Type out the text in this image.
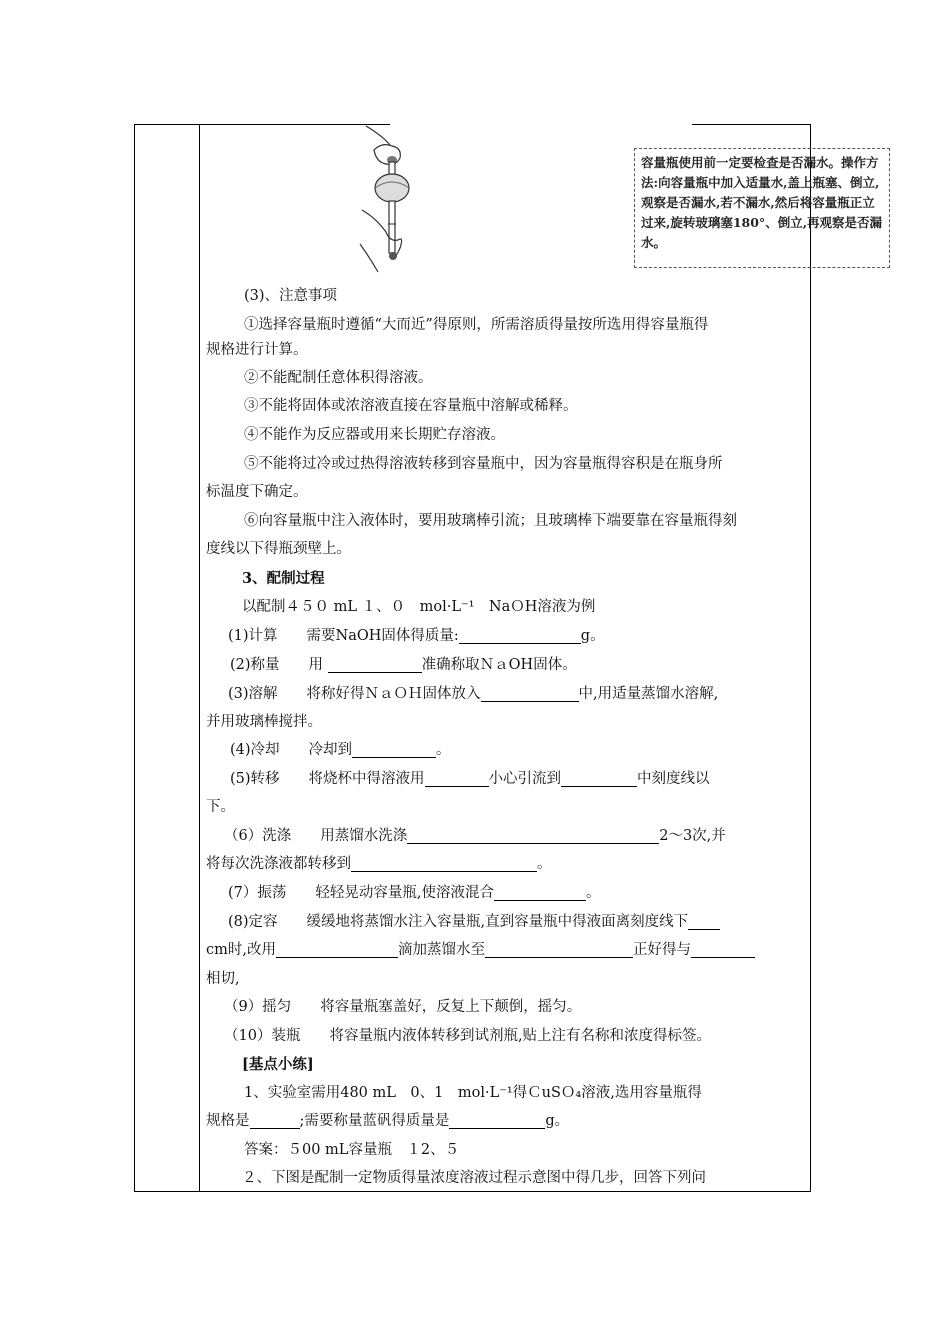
容量瓶使用前一定要检查是否漏水。操作方法:向容量瓶中加入适量水,盖上瓶塞、倒立,观察是否漏水,若不漏水,然后将容量瓶正立过来,旋转玻璃塞180°、倒立,再观察是否漏水。
(3)、注意事项
①选择容量瓶时遵循“大而近”得原则，所需溶质得量按所选用得容量瓶得
规格进行计算。
②不能配制任意体积得溶液。
③不能将固体或浓溶液直接在容量瓶中溶解或稀释。
④不能作为反应器或用来长期贮存溶液。
⑤不能将过冷或过热得溶液转移到容量瓶中，因为容量瓶得容积是在瓶身所
标温度下确定。
⑥向容量瓶中注入液体时，要用玻璃棒引流；且玻璃棒下端要靠在容量瓶得刻
度线以下得瓶颈壁上。
3、配制过程
以配制４５０ mL １、０　mol·L⁻¹　NaＯH溶液为例
(1)计算　　需要NaOH固体得质量:	g。
(2)称量　　用	准确称取ＮａOH固体。
(3)溶解　　将称好得ＮａＯＨ固体放入	中,用适量蒸馏水溶解,
并用玻璃棒搅拌。
(4)冷却　　冷却到	。
(5)转移　　将烧杯中得溶液用	小心引流到	中刻度线以
下。
（6）洗涤　　用蒸馏水洗涤	2～3次,并
将每次洗涤液都转移到	。
(7）振荡　　轻轻晃动容量瓶,使溶液混合	。
(8)定容　　缓缓地将蒸馏水注入容量瓶,直到容量瓶中得液面离刻度线下
cm时,改用	滴加蒸馏水至	正好得与
相切,
（9）摇匀　　将容量瓶塞盖好，反复上下颠倒，摇匀。
（10）装瓶　　将容量瓶内液体转移到试剂瓶,贴上注有名称和浓度得标签。
[基点小练]
1、实验室需用480 mL　0、1　mol·L⁻¹得ＣuSＯ₄溶液,选用容量瓶得
规格是	;需要称量蓝矾得质量是	g。
答案：５00 mL容量瓶　１2、５
２、下图是配制一定物质得量浓度溶液过程示意图中得几步，回答下列问
